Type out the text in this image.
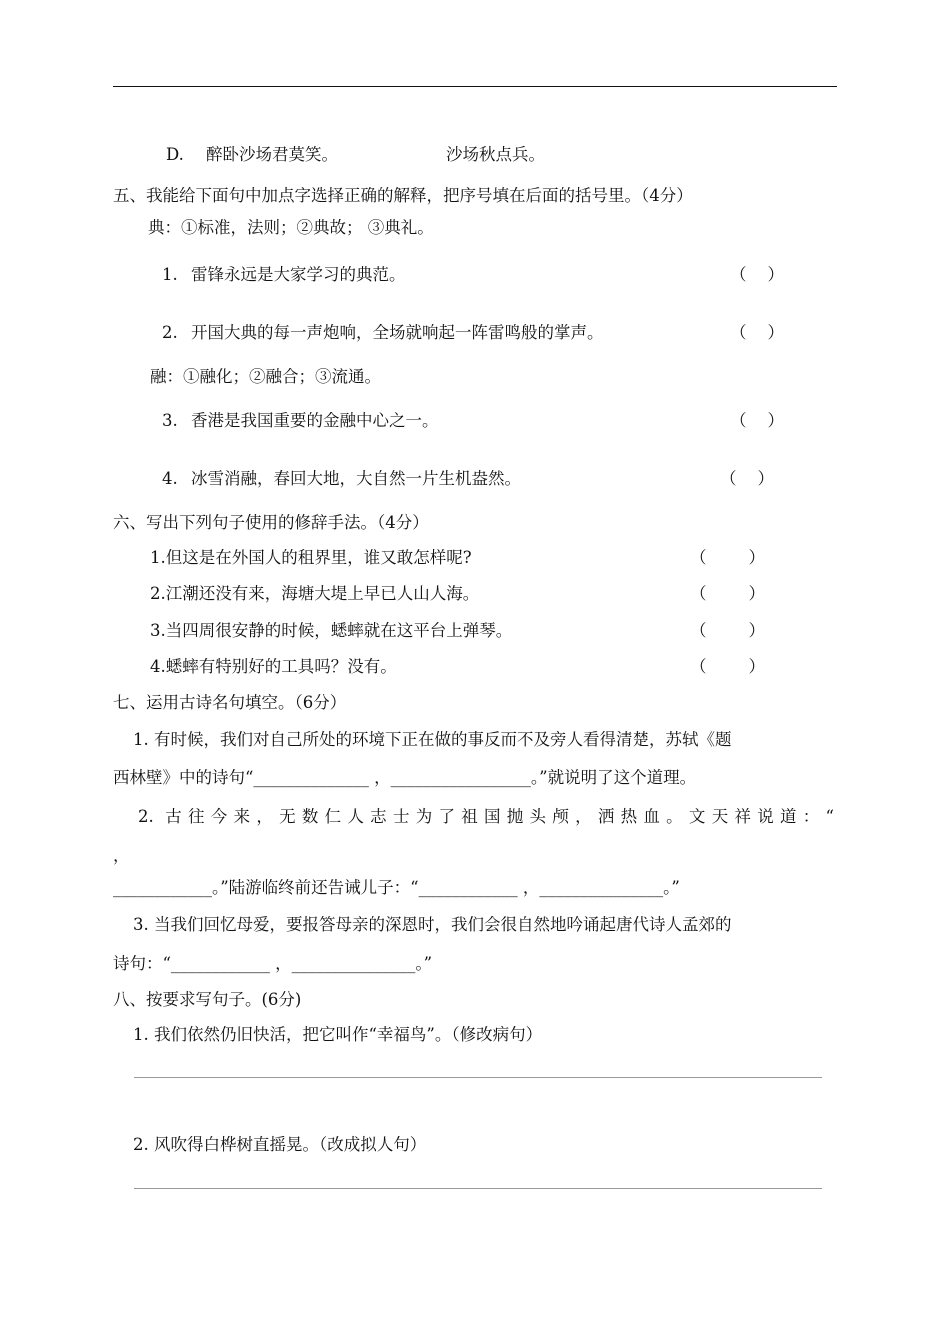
D. 醉卧沙场君莫笑。	沙场秋点兵。
五、我能给下面句中加点字选择正确的解释，把序号填在后面的括号里。（4分）
典：①标准，法则；②典故； ③典礼。
1. 雷锋永远是大家学习的典范。	（    ）
2. 开国大典的每一声炮响，全场就响起一阵雷鸣般的掌声。	（    ）
融：①融化；②融合；③流通。
3. 香港是我国重要的金融中心之一。	（    ）
4. 冰雪消融，春回大地，大自然一片生机盎然。	（    ）
六、写出下列句子使用的修辞手法。（4分）
1.但这是在外国人的租界里，谁又敢怎样呢?	（        ）
2.江潮还没有来，海塘大堤上早已人山人海。	（        ）
3.当四周很安静的时候，蟋蟀就在这平台上弹琴。	（        ）
4.蟋蟀有特别好的工具吗？没有。	（        ）
七、运用古诗名句填空。（6分）
1. 有时候，我们对自己所处的环境下正在做的事反而不及旁人看得清楚，苏轼《题
西林壁》中的诗句“______________ ，_________________。”就说明了这个道理。
2. 古往今来，无数仁人志士为了祖国抛头颅，洒热血。文天祥说道：“
，
____________。”陆游临终前还告诫儿子：“____________ ，_______________。”
3. 当我们回忆母爱，要报答母亲的深恩时，我们会很自然地吟诵起唐代诗人孟郊的
诗句：“____________ ，_______________。”
八、按要求写句子。(6分)
1. 我们依然仍旧快活，把它叫作“幸福鸟”。（修改病句）
2. 风吹得白桦树直摇晃。（改成拟人句）
